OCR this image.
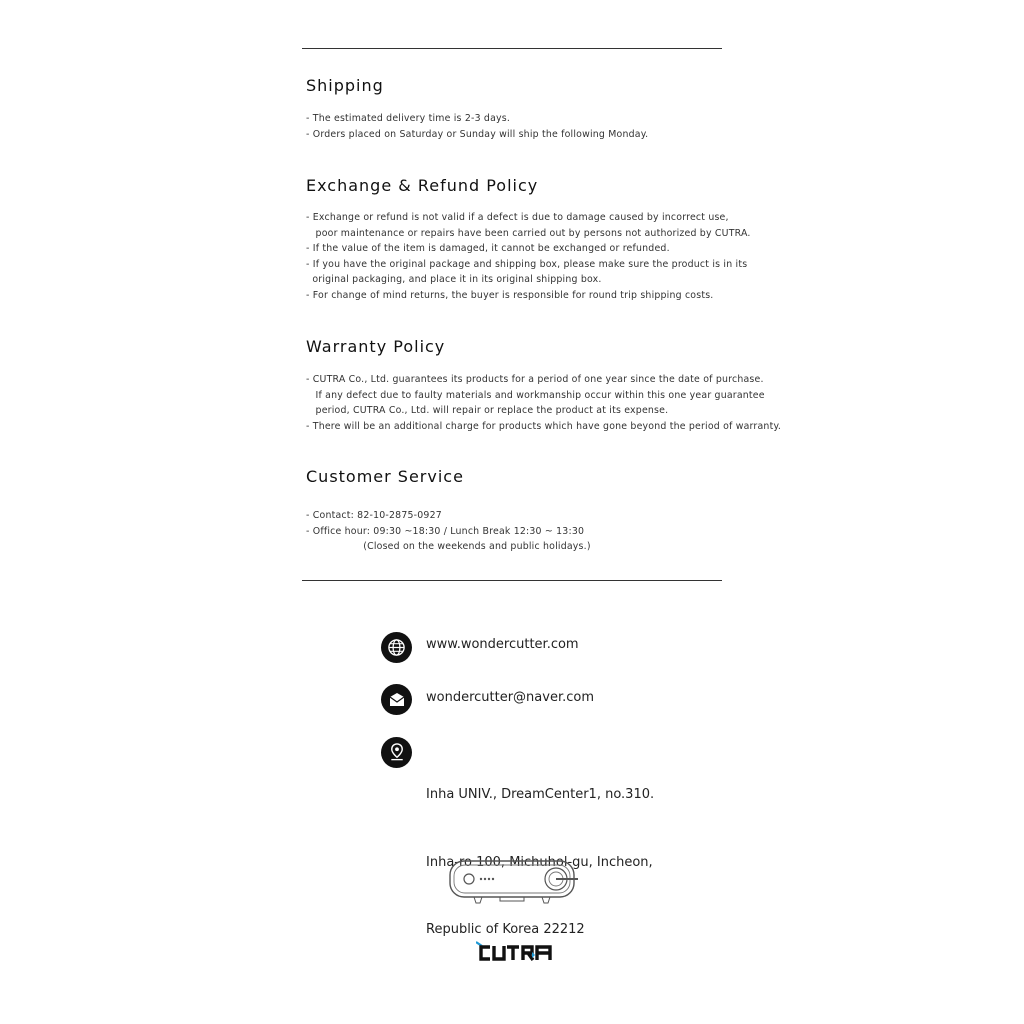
Shipping
- The estimated delivery time is 2-3 days.
- Orders placed on Saturday or Sunday will ship the following Monday.
Exchange & Refund Policy
- Exchange or refund is not valid if a defect is due to damage caused by incorrect use,
poor maintenance or repairs have been carried out by persons not authorized by CUTRA.
- If the value of the item is damaged, it cannot be exchanged or refunded.
- If you have the original package and shipping box, please make sure the product is in its
original packaging, and place it in its original shipping box.
- For change of mind returns, the buyer is responsible for round trip shipping costs.
Warranty Policy
- CUTRA Co., Ltd. guarantees its products for a period of one year since the date of purchase.
If any defect due to faulty materials and workmanship occur within this one year guarantee
period, CUTRA Co., Ltd. will repair or replace the product at its expense.
- There will be an additional charge for products which have gone beyond the period of warranty.
Customer Service
- Contact: 82-10-2875-0927
- Office hour: 09:30 ~18:30 / Lunch Break 12:30 ~ 13:30
(Closed on the weekends and public holidays.)
www.wondercutter.com
wondercutter@naver.com

Inha UNIV., DreamCenter1, no.310.

Inha-ro 100, Michuhol-gu, Incheon,

Republic of Korea 22212
